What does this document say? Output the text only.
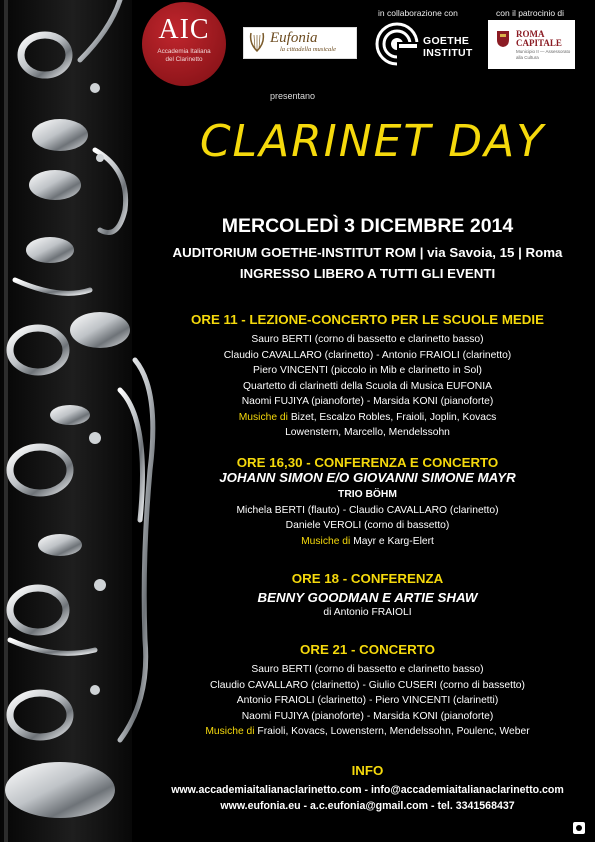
AIC
Accademia Italiana
del Clarinetto
Eufonia
la cittadella musicale
in collaborazione con	con il patrocinio di
GOETHE
INSTITUT
ROMA
CAPITALE
Municipio II — Assessorato alla Cultura
presentano
CLARINET DAY
MERCOLEDÌ 3 DICEMBRE 2014
AUDITORIUM GOETHE-INSTITUT ROM | via Savoia, 15 | Roma
INGRESSO LIBERO A TUTTI GLI EVENTI
ORE 11 - LEZIONE-CONCERTO PER LE SCUOLE MEDIE
Sauro BERTI (corno di bassetto e clarinetto basso)
Claudio CAVALLARO (clarinetto) - Antonio FRAIOLI (clarinetto)
Piero VINCENTI (piccolo in Mib e clarinetto in Sol)
Quartetto di clarinetti della Scuola di Musica EUFONIA
Naomi FUJIYA (pianoforte) - Marsida KONI (pianoforte)
Musiche di Bizet, Escalzo Robles, Fraioli, Joplin, Kovacs
Lowenstern, Marcello, Mendelssohn
ORE 16,30 - CONFERENZA E CONCERTO
JOHANN SIMON E/O GIOVANNI SIMONE MAYR
TRIO BÖHM
Michela BERTI (flauto) - Claudio CAVALLARO (clarinetto)
Daniele VEROLI (corno di bassetto)
Musiche di Mayr e Karg-Elert
ORE 18 - CONFERENZA
BENNY GOODMAN E ARTIE SHAW
di Antonio FRAIOLI
ORE 21 - CONCERTO
Sauro BERTI (corno di bassetto e clarinetto basso)
Claudio CAVALLARO (clarinetto) - Giulio CUSERI (corno di bassetto)
Antonio FRAIOLI (clarinetto) - Piero VINCENTI (clarinetti)
Naomi FUJIYA (pianoforte) - Marsida KONI (pianoforte)
Musiche di Fraioli, Kovacs, Lowenstern, Mendelssohn, Poulenc, Weber
INFO
www.accademiaitalianaclarinetto.com - info@accademiaitalianaclarinetto.com
www.eufonia.eu - a.c.eufonia@gmail.com - tel. 3341568437
